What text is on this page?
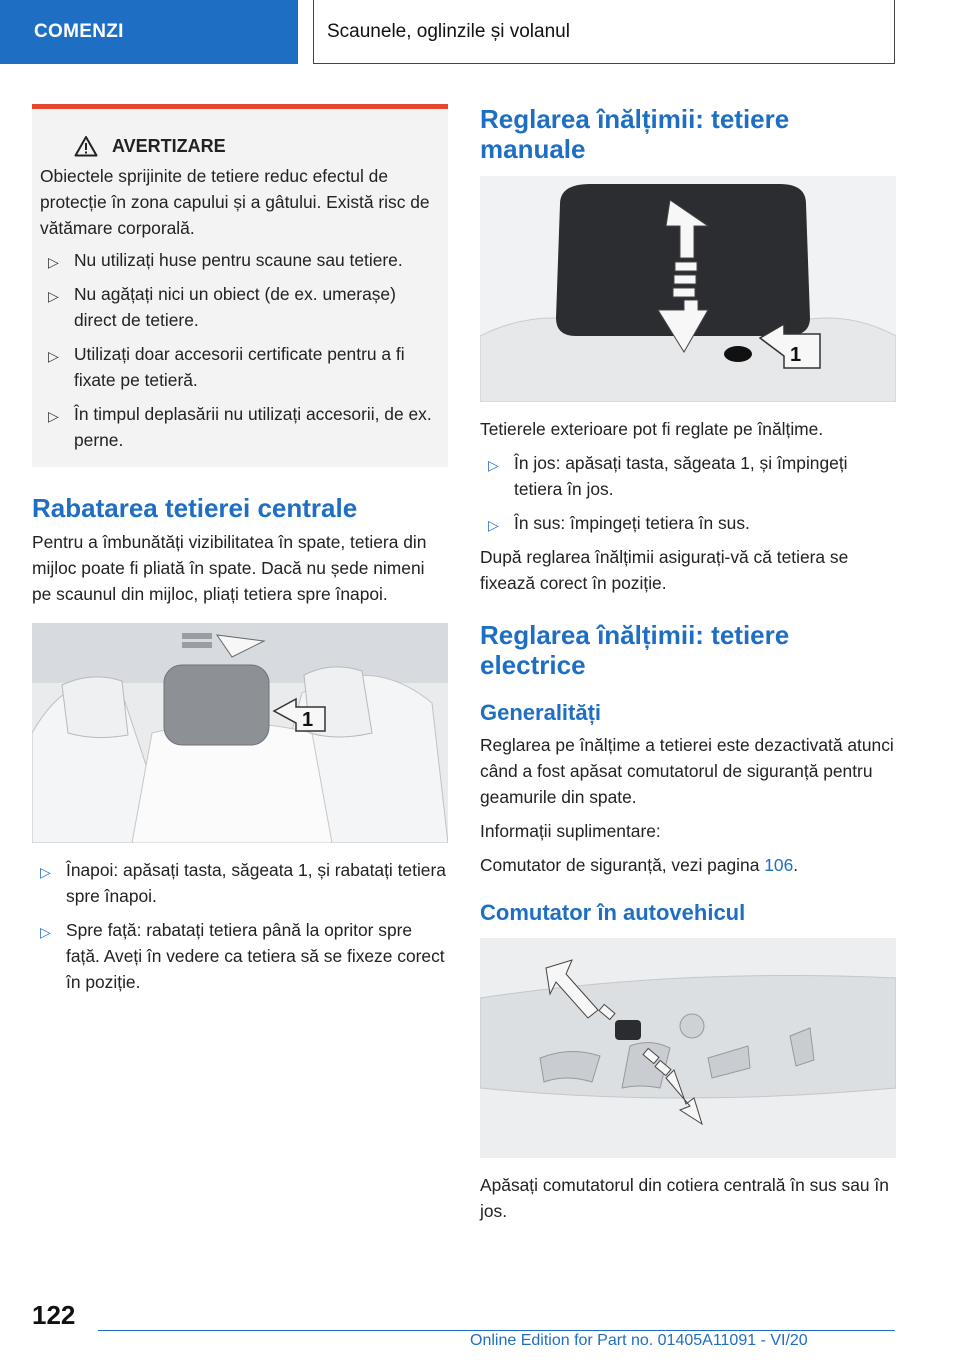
COMENZI	Scaunele, oglinzile și volanul
AVERTIZARE

Obiectele sprijinite de tetiere reduc efectul de protecție în zona capului și a gâtului. Există risc de vătămare corporală.

▷ Nu utilizați huse pentru scaune sau tetiere.
▷ Nu agățați nici un obiect (de ex. umerașe) direct de tetiere.
▷ Utilizați doar accesorii certificate pentru a fi fixate pe tetieră.
▷ În timpul deplasării nu utilizați accesorii, de ex. perne.
Rabatarea tetierei centrale

Pentru a îmbunătăți vizibilitatea în spate, tetiera din mijloc poate fi pliată în spate. Dacă nu șede nimeni pe scaunul din mijloc, pliați tetiera spre înapoi.

1
▷ Înapoi: apăsați tasta, săgeata 1, și rabatați tetiera spre înapoi.
▷ Spre față: rabatați tetiera până la opritor spre față. Aveți în vedere ca tetiera să se fixeze corect în poziție.
Reglarea înălțimii: tetiere manuale
1

Tetierele exterioare pot fi reglate pe înălțime.

▷ În jos: apăsați tasta, săgeata 1, și împingeți tetiera în jos.
▷ În sus: împingeți tetiera în sus.

După reglarea înălțimii asigurați-vă că tetiera se fixează corect în poziție.

Reglarea înălțimii: tetiere electrice
Generalități

Reglarea pe înălțime a tetierei este dezactivată atunci când a fost apăsat comutatorul de siguranță pentru geamurile din spate.

Informații suplimentare:

Comutator de siguranță, vezi pagina 106.

Comutator în autovehicul

Apăsați comutatorul din cotiera centrală în sus sau în jos.

122
Online Edition for Part no. 01405A11091 - VI/20
